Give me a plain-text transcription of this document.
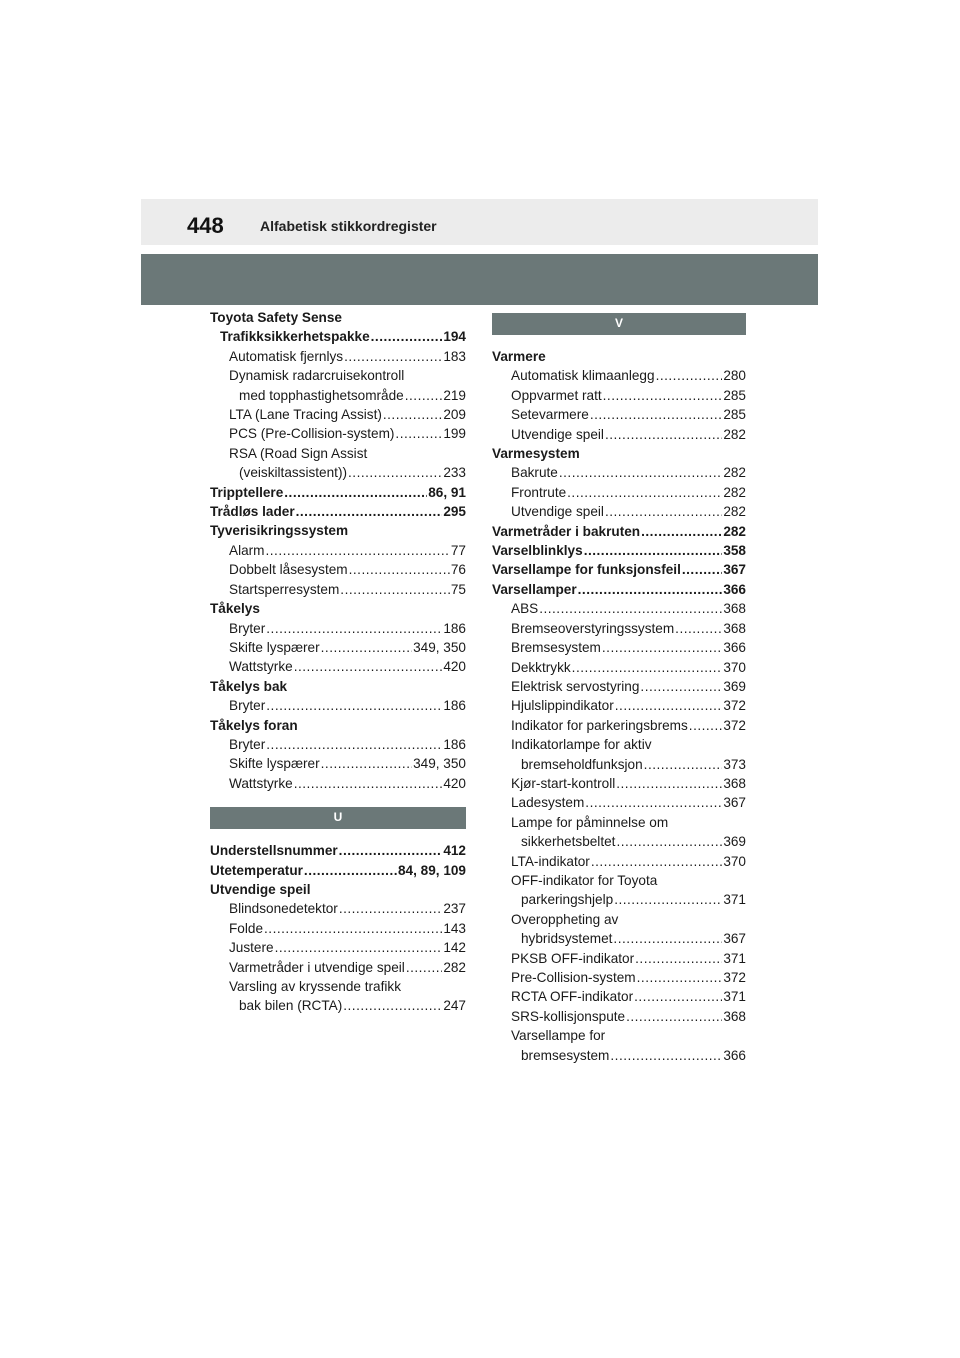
448	Alfabetisk stikkordregister
Toyota Safety Sense
Trafikksikkerhetspakke .....	194
Automatisk fjernlys .....	183
Dynamisk radarcruisekontroll
med topphastighetsområde .....	219
LTA (Lane Tracing Assist) .....	209
PCS (Pre-Collision-system) .....	199
RSA (Road Sign Assist
(veiskiltassistent)) .....	233
Tripptellere .....	86, 91
Trådløs lader .....	295
Tyverisikringssystem
Alarm .....	77
Dobbelt låsesystem .....	76
Startsperresystem .....	75
Tåkelys
Bryter .....	186
Skifte lyspærer .....	349, 350
Wattstyrke .....	420
Tåkelys bak
Bryter .....	186
Tåkelys foran
Bryter .....	186
Skifte lyspærer .....	349, 350
Wattstyrke .....	420
U
Understellsnummer .....	412
Utetemperatur .....	84, 89, 109
Utvendige speil
Blindsonedetektor .....	237
Folde .....	143
Justere .....	142
Varmetråder i utvendige speil .....	282
Varsling av kryssende trafikk
bak bilen (RCTA) .....	247
V
Varmere
Automatisk klimaanlegg .....	280
Oppvarmet ratt .....	285
Setevarmere .....	285
Utvendige speil .....	282
Varmesystem
Bakrute .....	282
Frontrute .....	282
Utvendige speil .....	282
Varmetråder i bakruten .....	282
Varselblinklys .....	358
Varsellampe for funksjonsfeil .....	367
Varsellamper .....	366
ABS .....	368
Bremseoverstyringssystem .....	368
Bremsesystem .....	366
Dekktrykk .....	370
Elektrisk servostyring .....	369
Hjulslippindikator .....	372
Indikator for parkeringsbrems .....	372
Indikatorlampe for aktiv
bremseholdfunksjon .....	373
Kjør-start-kontroll .....	368
Ladesystem .....	367
Lampe for påminnelse om
sikkerhetsbeltet .....	369
LTA-indikator .....	370
OFF-indikator for Toyota
parkeringshjelp .....	371
Overoppheting av
hybridsystemet .....	367
PKSB OFF-indikator .....	371
Pre-Collision-system .....	372
RCTA OFF-indikator .....	371
SRS-kollisjonspute .....	368
Varsellampe for
bremsesystem .....	366
